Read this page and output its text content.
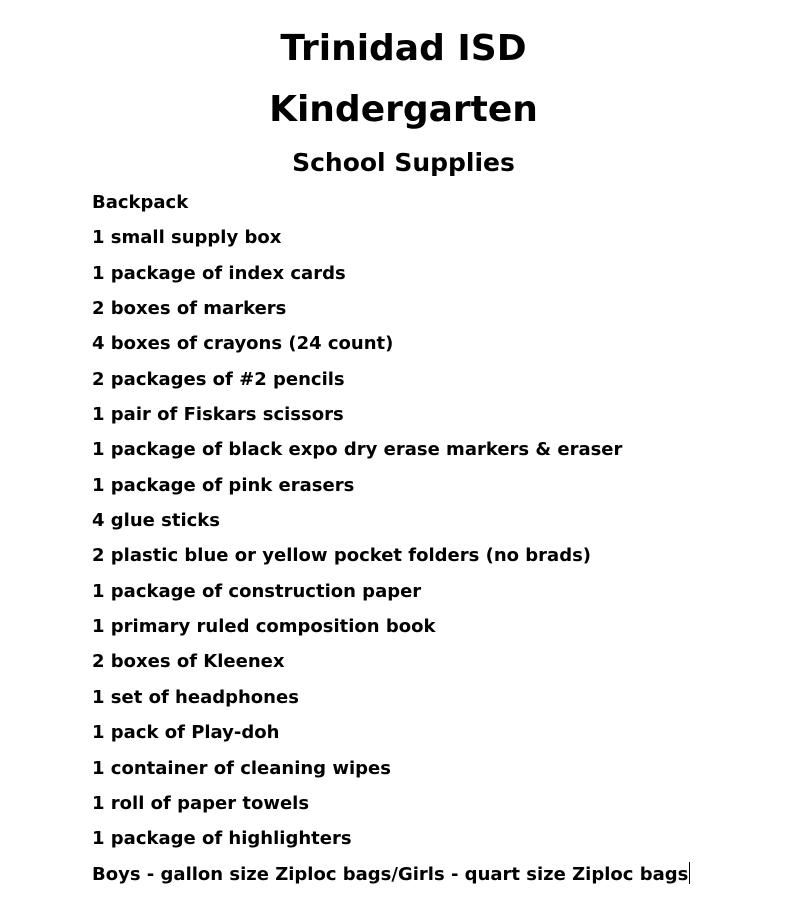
Trinidad ISD
Kindergarten
School Supplies
Backpack
1 small supply box
1 package of index cards
2 boxes of markers
4 boxes of crayons (24 count)
2 packages of #2 pencils
1 pair of Fiskars scissors
1 package of black expo dry erase markers & eraser
1 package of pink erasers
4 glue sticks
2 plastic blue or yellow pocket folders (no brads)
1 package of construction paper
1 primary ruled composition book
2 boxes of Kleenex
1 set of headphones
1 pack of Play-doh
1 container of cleaning wipes
1 roll of paper towels
1 package of highlighters
Boys - gallon size Ziploc bags/Girls - quart size Ziploc bags
